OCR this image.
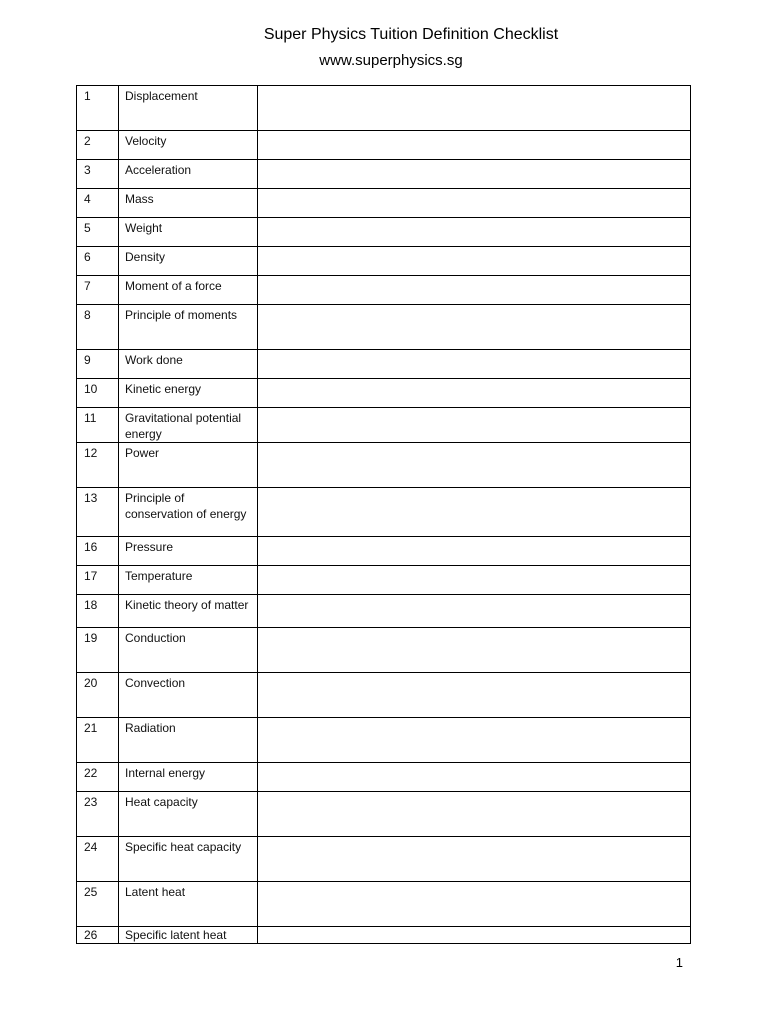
Super Physics Tuition Definition Checklist
www.superphysics.sg
1	Displacement	
2	Velocity	
3	Acceleration	
4	Mass	
5	Weight	
6	Density	
7	Moment of a force	
8	Principle of moments	
9	Work done	
10	Kinetic energy	
11	Gravitational potential energy	
12	Power	
13	Principle of conservation of energy	
16	Pressure	
17	Temperature	
18	Kinetic theory of matter	
19	Conduction	
20	Convection	
21	Radiation	
22	Internal energy	
23	Heat capacity	
24	Specific heat capacity	
25	Latent heat	
26	Specific latent heat	
1
